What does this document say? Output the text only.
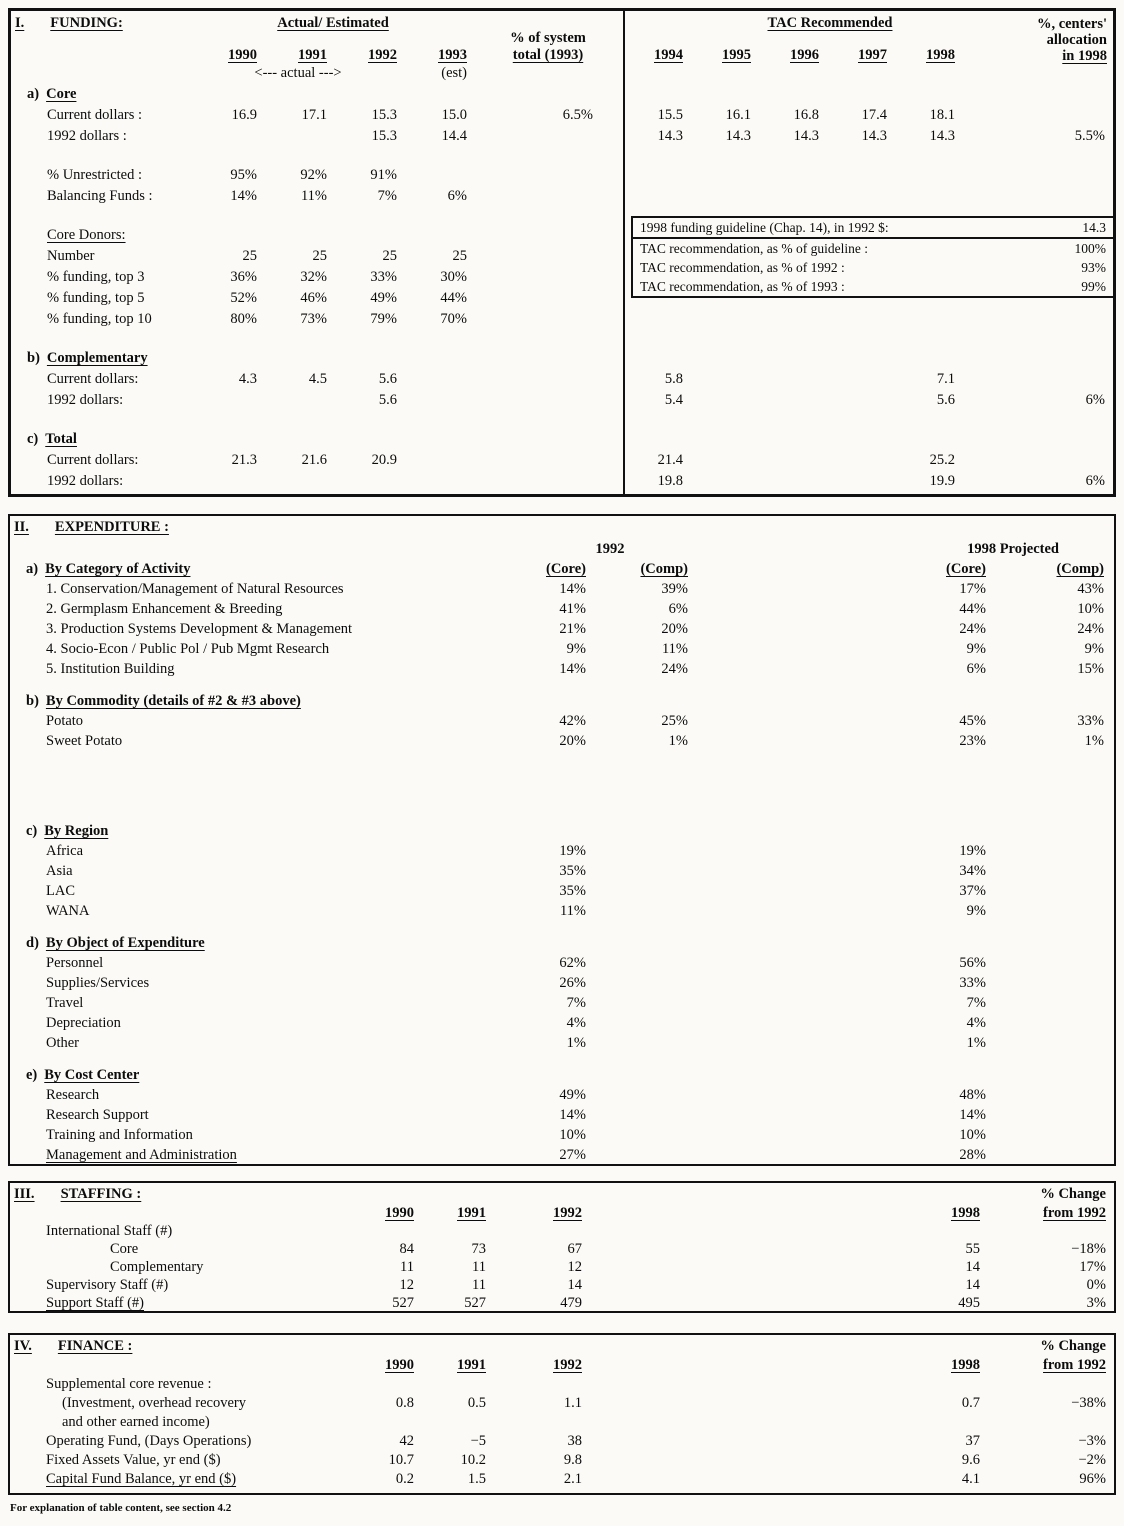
I. FUNDING:	Actual/ Estimated				% of system
total (1993)	TAC Recommended					%, centers'
allocation
in 1998
	1990	1991	1992	1993		1994	1995	1996	1997	1998	
	<--- actual --->			(est)							
a) Core											
Current dollars :	16.9	17.1	15.3	15.0	6.5%	15.5	16.1	16.8	17.4	18.1	
1992 dollars :			15.3	14.4		14.3	14.3	14.3	14.3	14.3	5.5%

% Unrestricted :	95%	92%	91%								
Balancing Funds :	14%	11%	7%	6%							

Core Donors:											
Number	25	25	25	25							
% funding, top 3	36%	32%	33%	30%							
% funding, top 5	52%	46%	49%	44%							
% funding, top 10	80%	73%	79%	70%							

b) Complementary											
Current dollars:	4.3	4.5	5.6			5.8				7.1	
1992 dollars:			5.6			5.4				5.6	6%

c) Total											
Current dollars:	21.3	21.6	20.9			21.4				25.2	
1992 dollars:						19.8				19.9	6%
1998 funding guideline (Chap. 14), in 1992 $:	14.3
TAC recommendation, as % of guideline :	100%
TAC recommendation, as % of 1992 :	93%
TAC recommendation, as % of 1993 :	99%
II. EXPENDITURE :				
	1992		1998 Projected	
a) By Category of Activity	(Core)	(Comp)	(Core)	(Comp)
1. Conservation/Management of Natural Resources	14%	39%	17%	43%
2. Germplasm Enhancement & Breeding	41%	6%	44%	10%
3. Production Systems Development & Management	21%	20%	24%	24%
4. Socio-Econ / Public Pol / Pub Mgmt Research	9%	11%	9%	9%
5. Institution Building	14%	24%	6%	15%

b) By Commodity (details of #2 & #3 above)				
Potato	42%	25%	45%	33%
Sweet Potato	20%	1%	23%	1%

c) By Region				
Africa	19%		19%	
Asia	35%		34%	
LAC	35%		37%	
WANA	11%		9%	

d) By Object of Expenditure				
Personnel	62%		56%	
Supplies/Services	26%		33%	
Travel	7%		7%	
Depreciation	4%		4%	
Other	1%		1%	

e) By Cost Center				
Research	49%		48%	
Research Support	14%		14%	
Training and Information	10%		10%	
Management and Administration	27%		28%	
III. STAFFING :					% Change
	1990	1991	1992	1998	from 1992
International Staff (#)					
Core	84	73	67	55	−18%
Complementary	11	11	12	14	17%
Supervisory Staff (#)	12	11	14	14	0%
Support Staff (#)	527	527	479	495	3%
IV. FINANCE :					% Change
	1990	1991	1992	1998	from 1992
Supplemental core revenue :					
(Investment, overhead recovery	0.8	0.5	1.1	0.7	−38%
and other earned income)					
Operating Fund, (Days Operations)	42	−5	38	37	−3%
Fixed Assets Value, yr end ($)	10.7	10.2	9.8	9.6	−2%
Capital Fund Balance, yr end ($)	0.2	1.5	2.1	4.1	96%
For explanation of table content, see section 4.2
